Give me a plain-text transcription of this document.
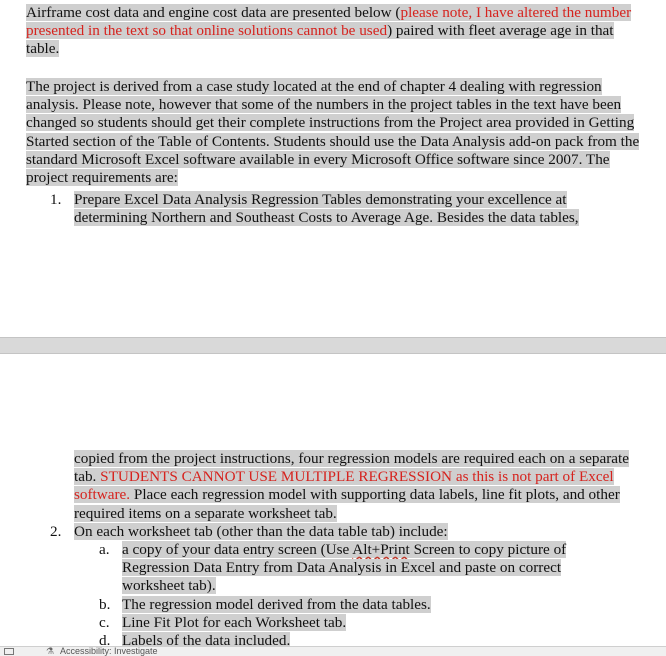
Airframe cost data and engine cost data are presented below (please note, I have altered the number presented in the text so that online solutions cannot be used) paired with fleet average age in that table.
The project is derived from a case study located at the end of chapter 4 dealing with regression analysis. Please note, however that some of the numbers in the project tables in the text have been changed so students should get their complete instructions from the Project area provided in Getting Started section of the Table of Contents. Students should use the Data Analysis add-on pack from the standard Microsoft Excel software available in every Microsoft Office software since 2007. The project requirements are:
1. Prepare Excel Data Analysis Regression Tables demonstrating your excellence at determining Northern and Southeast Costs to Average Age. Besides the data tables,
copied from the project instructions, four regression models are required each on a separate tab. STUDENTS CANNOT USE MULTIPLE REGRESSION as this is not part of Excel software. Place each regression model with supporting data labels, line fit plots, and other required items on a separate worksheet tab.
2. On each worksheet tab (other than the data table tab) include:
a. a copy of your data entry screen (Use Alt+Print Screen to copy picture of Regression Data Entry from Data Analysis in Excel and paste on correct worksheet tab).
b. The regression model derived from the data tables.
c. Line Fit Plot for each Worksheet tab.
d. Labels of the data included.
⚗ Accessibility: Investigate
